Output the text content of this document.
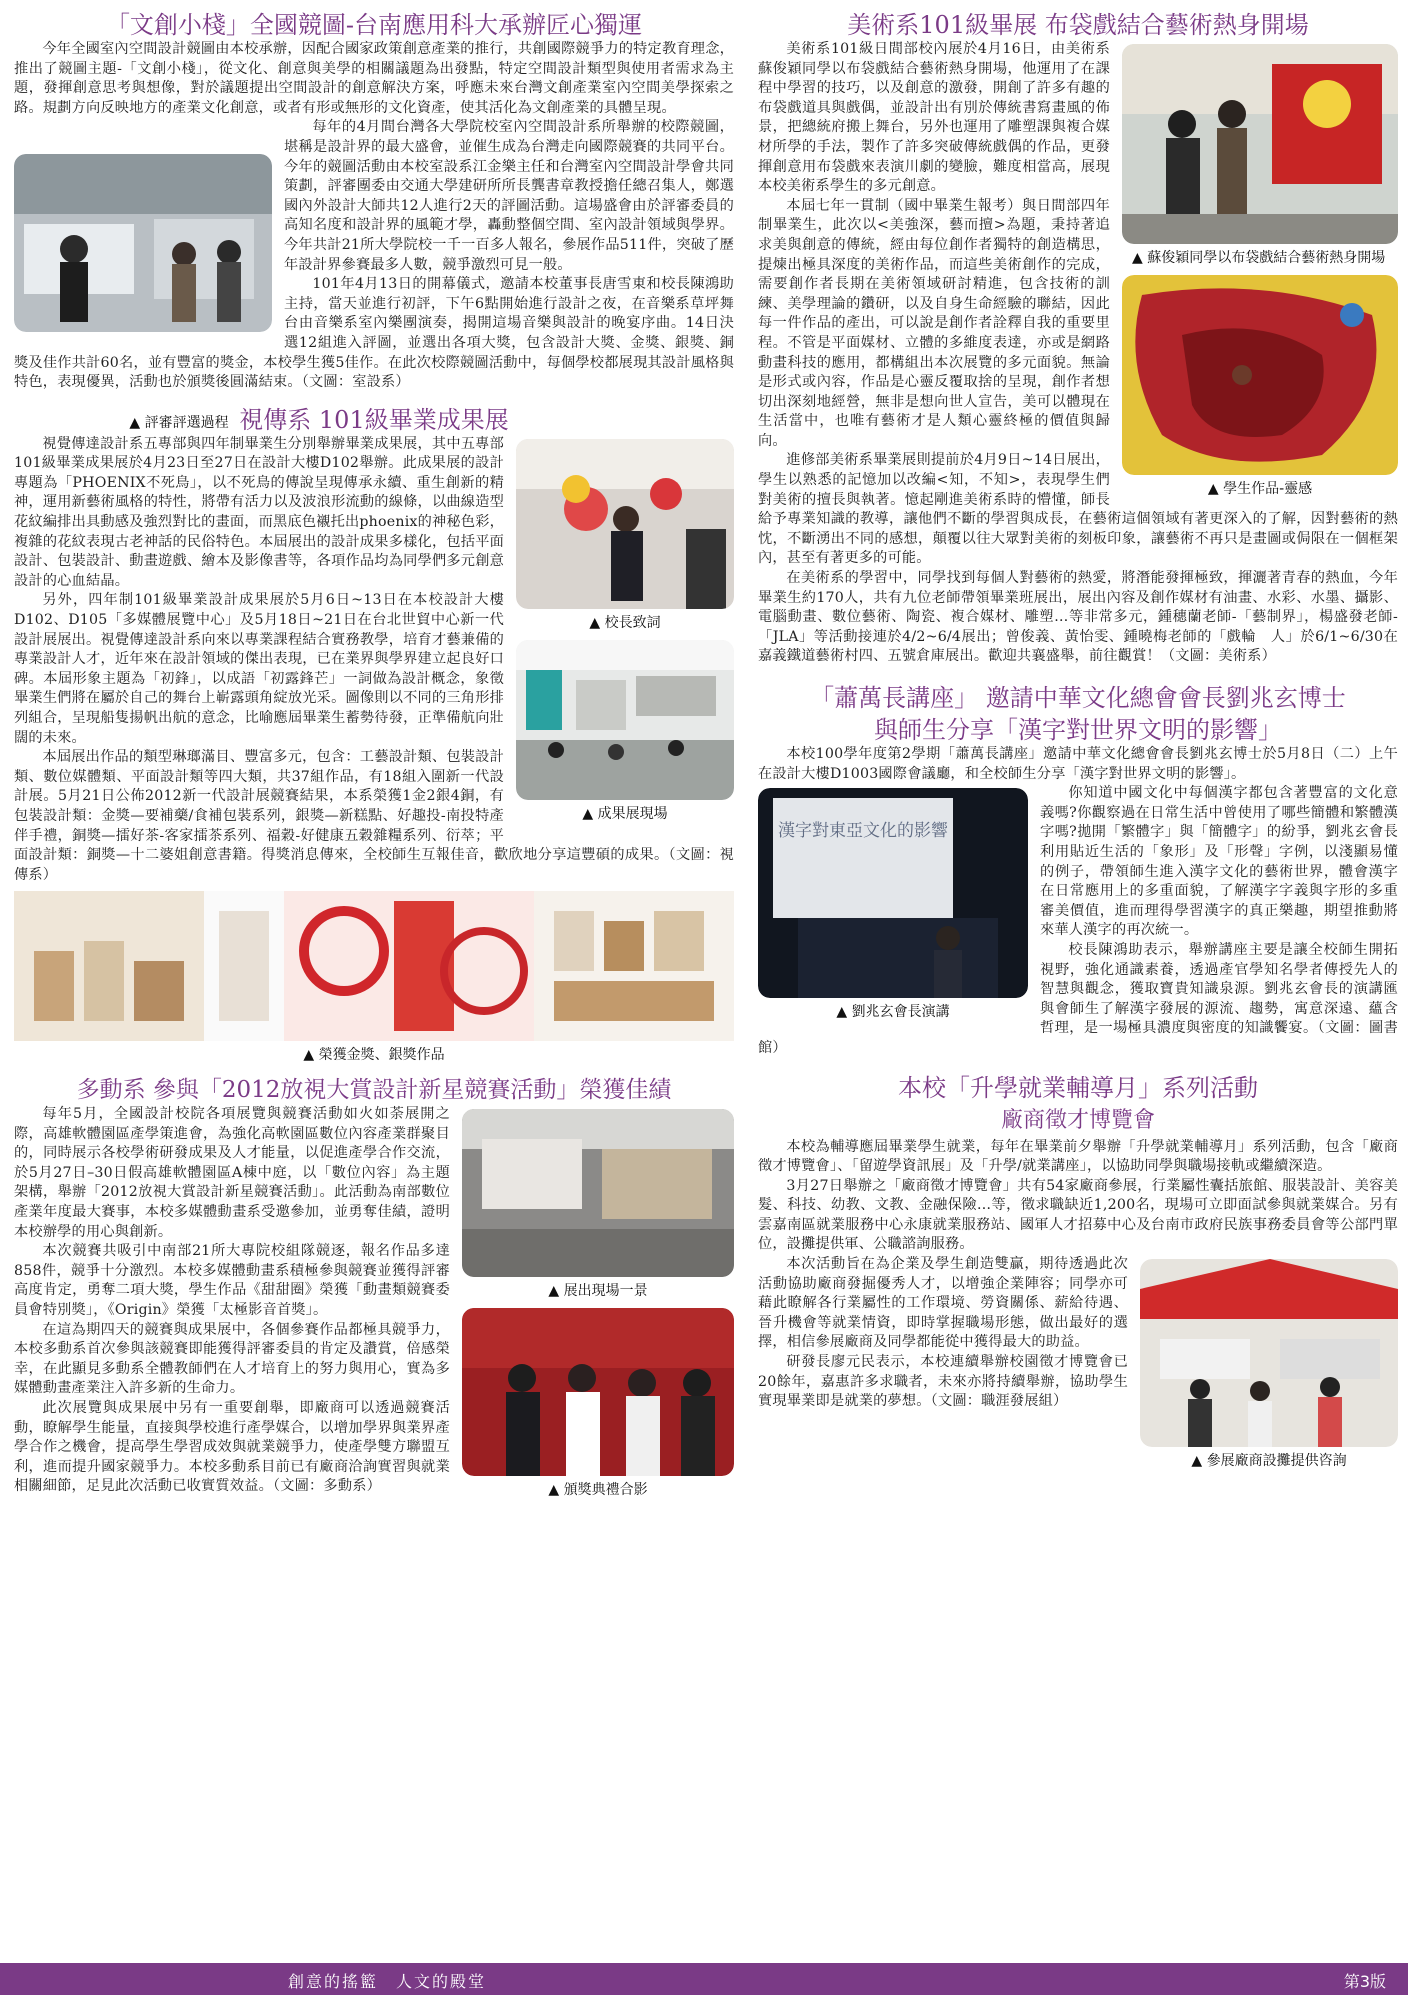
「文創小棧」全國競圖-台南應用科大承辦匠心獨運

今年全國室內空間設計競圖由本校承辦，因配合國家政策創意產業的推行，共創國際競爭力的特定教育理念，推出了競圖主題-「文創小棧」，從文化、創意與美學的相關議題為出發點，特定空間設計類型與使用者需求為主題，發揮創意思考與想像，對於議題提出空間設計的創意解決方案，呼應未來台灣文創產業室內空間美學探索之路。規劃方向反映地方的產業文化創意，或者有形或無形的文化資產，使其活化為文創產業的具體呈現。

每年的4月間台灣各大學院校室內空間設計系所舉辦的校際競圖，堪稱是設計界的最大盛會，並催生成為台灣走向國際競賽的共同平台。今年的競圖活動由本校室設系江金樂主任和台灣室內空間設計學會共同策劃，評審團委由交通大學建研所所長龔書章教授擔任總召集人，鄭選國內外設計大師共12人進行2天的評圖活動。這場盛會由於評審委員的高知名度和設計界的風範才學，轟動整個空間、室內設計領域與學界。今年共計21所大學院校一千一百多人報名，參展作品511件，突破了歷年設計界參賽最多人數，競爭激烈可見一般。

▲ 評審評選過程

101年4月13日的開幕儀式，邀請本校董事長唐雪東和校長陳鴻助主持，當天並進行初評，下午6點開始進行設計之夜，在音樂系草坪舞台由音樂系室內樂團演奏，揭開這場音樂與設計的晚宴序曲。14日決選12組進入評圖，並選出各項大獎，包含設計大獎、金獎、銀獎、銅獎及佳作共計60名，並有豐富的獎金，本校學生獲5佳作。在此次校際競圖活動中，每個學校都展現其設計風格與特色，表現優異，活動也於頒獎後圓滿結束。（文圖：室設系）

視傳系 101級畢業成果展
▲ 校長致詞
▲ 成果展現場

視覺傳達設計系五專部與四年制畢業生分別舉辦畢業成果展，其中五專部101級畢業成果展於4月23日至27日在設計大樓D102舉辦。此成果展的設計專題為「PHOENIX不死鳥」，以不死鳥的傳說呈現傳承永續、重生創新的精神，運用新藝術風格的特性，將帶有活力以及波浪形流動的線條，以曲線造型花紋編排出具動感及強烈對比的畫面，而黑底色襯托出phoenix的神秘色彩，複雜的花紋表現古老神話的民俗特色。本屆展出的設計成果多樣化，包括平面設計、包裝設計、動畫遊戲、繪本及影像書等，各項作品均為同學們多元創意設計的心血結晶。

另外，四年制101級畢業設計成果展於5月6日~13日在本校設計大樓D102、D105「多媒體展覽中心」及5月18日~21日在台北世貿中心新一代設計展展出。視覺傳達設計系向來以專業課程結合實務教學，培育才藝兼備的專業設計人才，近年來在設計領域的傑出表現，已在業界與學界建立起良好口碑。本屆形象主題為「初鋒」，以成語「初露鋒芒」一詞做為設計概念，象徵畢業生們將在屬於自己的舞台上嶄露頭角綻放光采。圖像則以不同的三角形排列組合，呈現船隻揚帆出航的意念，比喻應屆畢業生蓄勢待發，正準備航向壯闊的未來。

本屆展出作品的類型琳瑯滿目、豐富多元，包含：工藝設計類、包裝設計類、數位媒體類、平面設計類等四大類，共37組作品，有18組入圍新一代設計展。5月21日公佈2012新一代設計展競賽結果，本系榮獲1金2銀4銅，有包裝設計類：金獎—要補藥/食補包裝系列，銀獎—新糕點、好趣投-南投特產伴手禮，銅獎—擂好茶-客家擂茶系列、福穀-好健康五穀雜糧系列、衍萃；平面設計類：銅獎—十二婆姐創意書籍。得獎消息傳來，全校師生互報佳音，歡欣地分享這豐碩的成果。（文圖：視傳系）

▲ 榮獲金獎、銀獎作品
多動系 參與「2012放視大賞設計新星競賽活動」榮獲佳績
▲ 展出現場一景
▲ 頒獎典禮合影

每年5月，全國設計校院各項展覽與競賽活動如火如荼展開之際，高雄軟體園區產學策進會，為強化高軟園區數位內容產業群聚目的，同時展示各校學術研發成果及人才能量，以促進產學合作交流，於5月27日–30日假高雄軟體園區A棟中庭，以「數位內容」為主題架構，舉辦「2012放視大賞設計新星競賽活動」。此活動為南部數位產業年度最大賽事，本校多媒體動畫系受邀參加，並勇奪佳績，證明本校辦學的用心與創新。

本次競賽共吸引中南部21所大專院校組隊競逐，報名作品多達858件，競爭十分激烈。本校多媒體動畫系積極參與競賽並獲得評審高度肯定，勇奪二項大獎，學生作品《甜甜圈》榮獲「動畫類競賽委員會特別獎」，《Origin》榮獲「太極影音首獎」。

在這為期四天的競賽與成果展中，各個參賽作品都極具競爭力，本校多動系首次參與該競賽即能獲得評審委員的肯定及讚賞，倍感榮幸，在此顯見多動系全體教師們在人才培育上的努力與用心，實為多媒體動畫產業注入許多新的生命力。

此次展覽與成果展中另有一重要創舉，即廠商可以透過競賽活動，瞭解學生能量，直接與學校進行產學媒合，以增加學界與業界產學合作之機會，提高學生學習成效與就業競爭力，使產學雙方聯盟互利，進而提升國家競爭力。本校多動系目前已有廠商洽詢實習與就業相關細節，足見此次活動已收實質效益。（文圖：多動系）

美術系101級畢展 布袋戲結合藝術熱身開場
▲ 蘇俊穎同學以布袋戲結合藝術熱身開場
▲ 學生作品-靈感

美術系101級日間部校內展於4月16日，由美術系蘇俊穎同學以布袋戲結合藝術熱身開場，他運用了在課程中學習的技巧，以及創意的激發，開創了許多有趣的布袋戲道具與戲偶，並設計出有別於傳統書寫畫風的佈景，把總統府搬上舞台，另外也運用了雕塑課與複合媒材所學的手法，製作了許多突破傳統戲偶的作品，更發揮創意用布袋戲來表演川劇的變臉，難度相當高，展現本校美術系學生的多元創意。

本屆七年一貫制（國中畢業生報考）與日間部四年制畢業生，此次以<美強深，藝而擅>為題，秉持著追求美與創意的傳統，經由每位創作者獨特的創造構思，提煉出極具深度的美術作品，而這些美術創作的完成，需要創作者長期在美術領域研討精進，包含技術的訓練、美學理論的鑽研，以及自身生命經驗的聯結，因此每一件作品的產出，可以說是創作者詮釋自我的重要里程。不管是平面媒材、立體的多維度表達，亦或是網路動畫科技的應用，都構組出本次展覽的多元面貌。無論是形式或內容，作品是心靈反覆取捨的呈現，創作者想切出深刻地經營，無非是想向世人宣告，美可以體現在生活當中，也唯有藝術才是人類心靈終極的價值與歸向。

進修部美術系畢業展則提前於4月9日~14日展出，學生以熟悉的記憶加以改編<知，不知>，表現學生們對美術的擅長與執著。憶起剛進美術系時的懵懂，師長給予專業知識的教導，讓他們不斷的學習與成長，在藝術這個領域有著更深入的了解，因對藝術的熱忱，不斷湧出不同的感想，顛覆以往大眾對美術的刻板印象，讓藝術不再只是畫圖或侷限在一個框架內，甚至有著更多的可能。

在美術系的學習中，同學找到每個人對藝術的熱愛，將潛能發揮極致，揮灑著青春的熱血，今年畢業生約170人，共有九位老師帶領畢業班展出，展出內容及創作媒材有油畫、水彩、水墨、攝影、電腦動畫、數位藝術、陶瓷、複合媒材、雕塑…等非常多元，鍾穗蘭老師-「藝制界」，楊盛發老師-「JLA」等活動接連於4/2~6/4展出；曾俊義、黃怡雯、鍾曉梅老師的「戲輪　人」於6/1~6/30在嘉義鐵道藝術村四、五號倉庫展出。歡迎共襄盛舉，前往觀賞！（文圖：美術系）

「蕭萬長講座」 邀請中華文化總會會長劉兆玄博士
與師生分享「漢字對世界文明的影響」

本校100學年度第2學期「蕭萬長講座」邀請中華文化總會會長劉兆玄博士於5月8日（二）上午在設計大樓D1003國際會議廳，和全校師生分享「漢字對世界文明的影響」。

漢字對東亞文化的影響
▲ 劉兆玄會長演講

你知道中國文化中每個漢字都包含著豐富的文化意義嗎?你觀察過在日常生活中曾使用了哪些簡體和繁體漢字嗎?拋開「繁體字」與「簡體字」的紛爭，劉兆玄會長利用貼近生活的「象形」及「形聲」字例，以淺顯易懂的例子，帶領師生進入漢字文化的藝術世界，體會漢字在日常應用上的多重面貌，了解漢字字義與字形的多重審美價值，進而理得學習漢字的真正樂趣，期望推動將來華人漢字的再次統一。

校長陳鴻助表示，舉辦講座主要是讓全校師生開拓視野，強化通識素養，透過產官學知名學者傳授先人的智慧與觀念，獲取寶貴知識泉源。劉兆玄會長的演講匯與會師生了解漢字發展的源流、趨勢，寓意深遠、蘊含哲理，是一場極具濃度與密度的知識饗宴。（文圖：圖書館）

本校「升學就業輔導月」系列活動
廠商徵才博覽會

本校為輔導應屆畢業學生就業，每年在畢業前夕舉辦「升學就業輔導月」系列活動，包含「廠商徵才博覽會」、「留遊學資訊展」及「升學/就業講座」，以協助同學與職場接軌或繼續深造。

3月27日舉辦之「廠商徵才博覽會」共有54家廠商參展，行業屬性囊括旅館、服裝設計、美容美髮、科技、幼教、文教、金融保險…等，徵求職缺近1,200名，現場可立即面試參與就業媒合。另有雲嘉南區就業服務中心永康就業服務站、國軍人才招募中心及台南市政府民族事務委員會等公部門單位，設攤提供軍、公職諮詢服務。

▲ 參展廠商設攤提供咨詢

本次活動旨在為企業及學生創造雙贏，期待透過此次活動協助廠商發掘優秀人才，以增強企業陣容；同學亦可藉此瞭解各行業屬性的工作環境、勞資關係、薪給待遇、晉升機會等就業情資，即時掌握職場形態，做出最好的選擇，相信參展廠商及同學都能從中獲得最大的助益。

研發長廖元民表示，本校連續舉辦校園徵才博覽會已20餘年，嘉惠許多求職者，未來亦將持續舉辦，協助學生實現畢業即是就業的夢想。（文圖：職涯發展組）

創意的搖籃　人文的殿堂	第3版
